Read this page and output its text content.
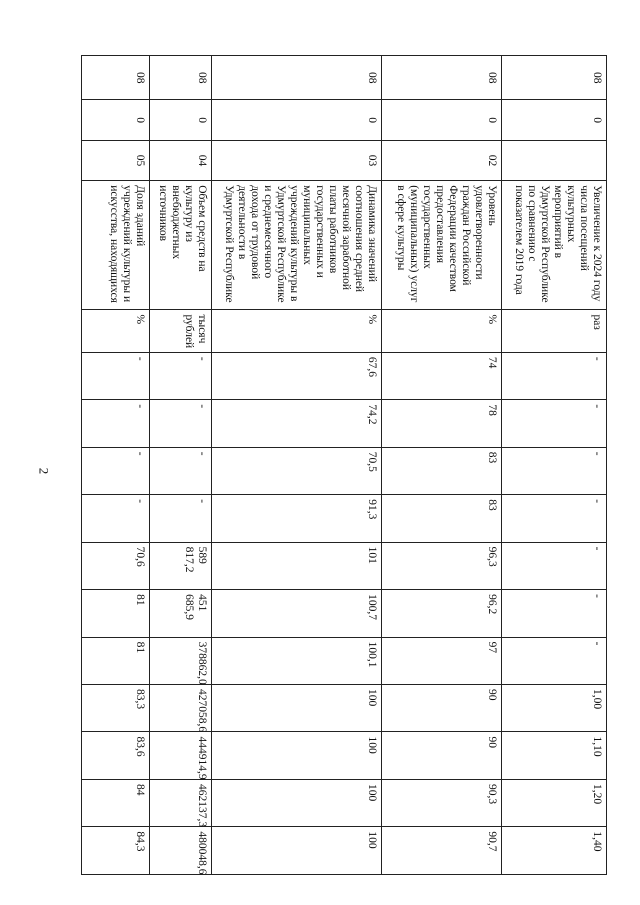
2
08	0		Увеличение к 2024 году числа посещений культурных мероприятий в Удмуртской Республике по сравнению с показателем 2019 года	раз	-	-	-	-	-	-	-	1,00	1,10	1,20	1,40
08	0	02	Уровень удовлетворенности граждан Российской Федерации качеством предоставления государственных (муниципальных) услуг в сфере культуры	%	74	78	83	83	96,3	96,2	97	90	90	90,3	90,7
08	0	03	Динамика значений соотношения средней месячной заработной платы работников государственных и муниципальных учреждений культуры в Удмуртской Республике и среднемесячного дохода от трудовой деятельности в Удмуртской Республике	%	67,6	74,2	70,5	91,3	101	100,7	100,1	100	100	100	100
08	0	04	Объем средств на культуру из внебюджетных источников	тысяч рублей	-	-	-	-	589 817,2	451 685,9	378862,0	427058,6	444914,9	462137,3	480048,6
08	0	05	Доля зданий учреждений культуры и искусства, находящихся	%	-	-	-	-	70,6	81	81	83,3	83,6	84	84,3
